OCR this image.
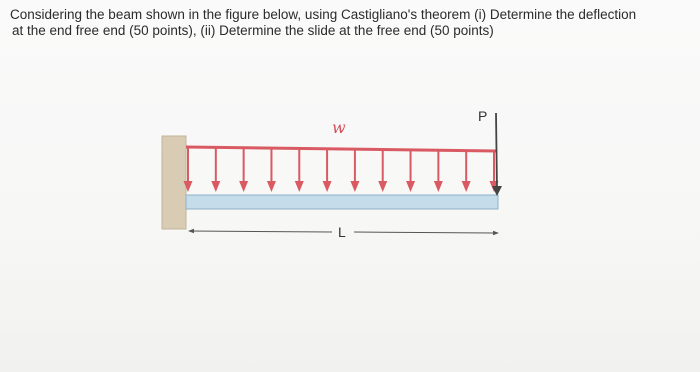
Considering the beam shown in the figure below, using Castigliano's theorem (i) Determine the deflection
at the end free end (50 points), (ii) Determine the slide at the free end (50 points)
w
P
L
